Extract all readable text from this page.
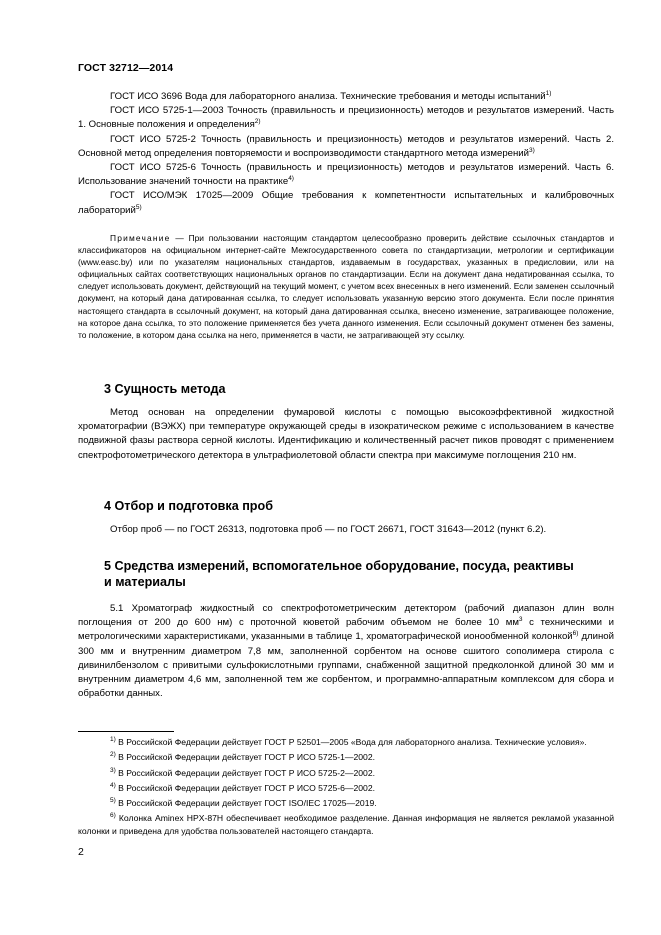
ГОСТ 32712—2014

ГОСТ ИСО 3696 Вода для лабораторного анализа. Технические требования и методы испытаний$^{1)}$

ГОСТ ИСО 5725-1—2003 Точность (правильность и прецизионность) методов и результатов измерений. Часть 1. Основные положения и определения$^{2)}$

ГОСТ ИСО 5725-2 Точность (правильность и прецизионность) методов и результатов измерений. Часть 2. Основной метод определения повторяемости и воспроизводимости стандартного метода измерений$^{3)}$

ГОСТ ИСО 5725-6 Точность (правильность и прецизионность) методов и результатов измерений. Часть 6. Использование значений точности на практике$^{4)}$

ГОСТ ИСО/МЭК 17025—2009 Общие требования к компетентности испытательных и калибровочных лабораторий$^{5)}$

Примечание — При пользовании настоящим стандартом целесообразно проверить действие ссылочных стандартов и классификаторов на официальном интернет-сайте Межгосударственного совета по стандартизации, метрологии и сертификации (www.easc.by) или по указателям национальных стандартов, издаваемым в государствах, указанных в предисловии, или на официальных сайтах соответствующих национальных органов по стандартизации. Если на документ дана недатированная ссылка, то следует использовать документ, действующий на текущий момент, с учетом всех внесенных в него изменений. Если заменен ссылочный документ, на который дана датированная ссылка, то следует использовать указанную версию этого документа. Если после принятия настоящего стандарта в ссылочный документ, на который дана датированная ссылка, внесено изменение, затрагивающее положение, на которое дана ссылка, то это положение применяется без учета данного изменения. Если ссылочный документ отменен без замены, то положение, в котором дана ссылка на него, применяется в части, не затрагивающей эту ссылку.

3 Сущность метода

Метод основан на определении фумаровой кислоты с помощью высокоэффективной жидкостной хроматографии (ВЭЖХ) при температуре окружающей среды в изократическом режиме с использованием в качестве подвижной фазы раствора серной кислоты. Идентификацию и количественный расчет пиков проводят с применением спектрофотометрического детектора в ультрафиолетовой области спектра при максимуме поглощения 210 нм.

4 Отбор и подготовка проб

Отбор проб — по ГОСТ 26313, подготовка проб — по ГОСТ 26671, ГОСТ 31643—2012 (пункт 6.2).

5 Средства измерений, вспомогательное оборудование, посуда, реактивы
и материалы

5.1 Хроматограф жидкостный со спектрофотометрическим детектором (рабочий диапазон длин волн поглощения от 200 до 600 нм) с проточной кюветой рабочим объемом не более 10 $мм^3$ с техническими и метрологическими характеристиками, указанными в таблице 1, хроматографической ионообменной колонкой$^{6)}$ длиной 300 мм и внутренним диаметром 7,8 мм, заполненной сорбентом на основе сшитого сополимера стирола с дивинилбензолом с привитыми сульфокислотными группами, снабженной защитной предколонкой длиной 30 мм и внутренним диаметром 4,6 мм, заполненной тем же сорбентом, и программно-аппаратным комплексом для сбора и обработки данных.

$^{1)}$ В Российской Федерации действует ГОСТ Р 52501—2005 «Вода для лабораторного анализа. Технические условия».

$^{2)}$ В Российской Федерации действует ГОСТ Р ИСО 5725-1—2002.

$^{3)}$ В Российской Федерации действует ГОСТ Р ИСО 5725-2—2002.

$^{4)}$ В Российской Федерации действует ГОСТ Р ИСО 5725-6—2002.

$^{5)}$ В Российской Федерации действует ГОСТ ISO/IEC 17025—2019.

$^{6)}$ Колонка Aminex HPX-87H обеспечивает необходимое разделение. Данная информация не является рекламой указанной колонки и приведена для удобства пользователей настоящего стандарта.

2
